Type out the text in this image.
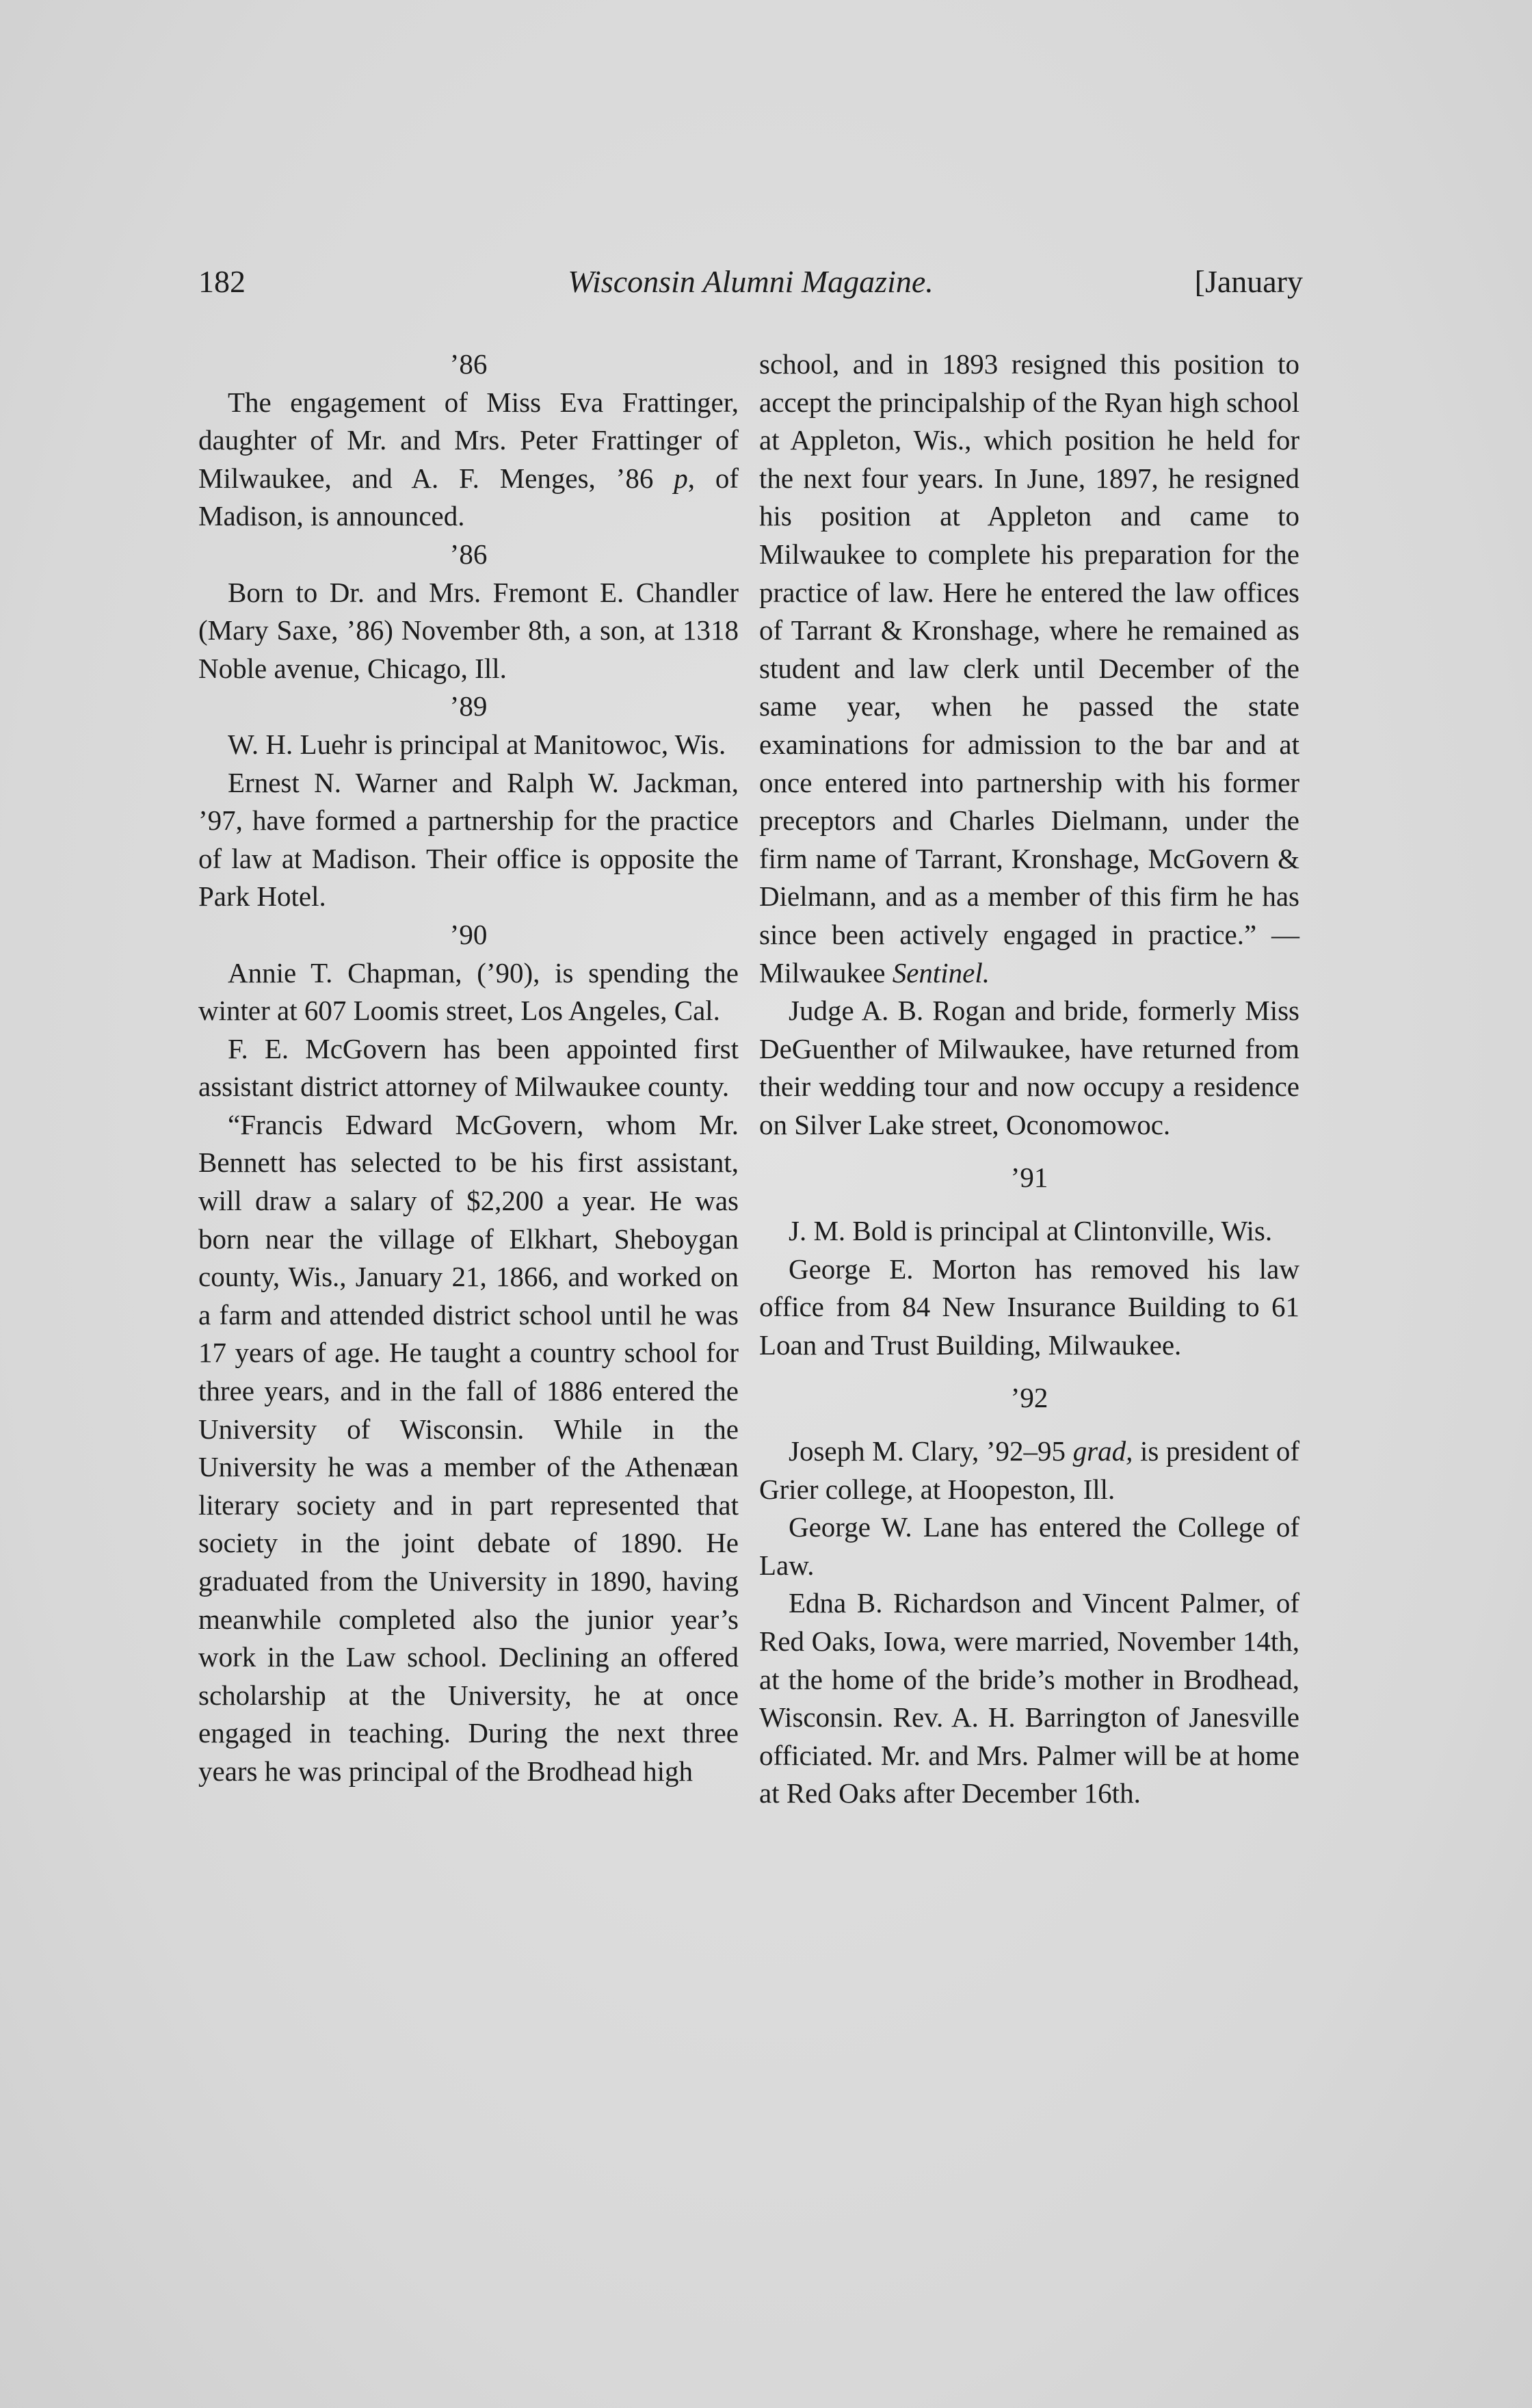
182	Wisconsin Alumni Magazine.	[January

’86

The engagement of Miss Eva Frattinger, daughter of Mr. and Mrs. Peter Frattinger of Milwaukee, and A. F. Menges, ’86 p, of Madison, is announced.

’86

Born to Dr. and Mrs. Fremont E. Chandler (Mary Saxe, ’86) November 8th, a son, at 1318 Noble avenue, Chicago, Ill.

’89

W. H. Luehr is principal at Manitowoc, Wis.

Ernest N. Warner and Ralph W. Jackman, ’97, have formed a partnership for the practice of law at Madison. Their office is opposite the Park Hotel.

’90

Annie T. Chapman, (’90), is spending the winter at 607 Loomis street, Los Angeles, Cal.

F. E. McGovern has been appointed first assistant district attorney of Milwaukee county.

“Francis Edward McGovern, whom Mr. Bennett has selected to be his first assistant, will draw a salary of $2,200 a year. He was born near the village of Elkhart, Sheboygan county, Wis., January 21, 1866, and worked on a farm and attended district school until he was 17 years of age. He taught a country school for three years, and in the fall of 1886 entered the University of Wisconsin. While in the University he was a member of the Athenæan literary society and in part represented that society in the joint debate of 1890. He graduated from the University in 1890, having meanwhile completed also the junior year’s work in the Law school. Declining an offered scholarship at the University, he at once engaged in teaching. During the next three years he was principal of the Brodhead high

school, and in 1893 resigned this position to accept the principalship of the Ryan high school at Appleton, Wis., which position he held for the next four years. In June, 1897, he resigned his position at Appleton and came to Milwaukee to complete his preparation for the practice of law. Here he entered the law offices of Tarrant & Kronshage, where he remained as student and law clerk until December of the same year, when he passed the state examinations for admission to the bar and at once entered into partnership with his former preceptors and Charles Dielmann, under the firm name of Tarrant, Kronshage, McGovern & Dielmann, and as a member of this firm he has since been actively engaged in practice.” — Milwaukee Sentinel.

Judge A. B. Rogan and bride, formerly Miss DeGuenther of Milwaukee, have returned from their wedding tour and now occupy a residence on Silver Lake street, Oconomowoc.

’91

J. M. Bold is principal at Clintonville, Wis.

George E. Morton has removed his law office from 84 New Insurance Building to 61 Loan and Trust Building, Milwaukee.

’92

Joseph M. Clary, ’92–95 grad, is president of Grier college, at Hoopeston, Ill.

George W. Lane has entered the College of Law.

Edna B. Richardson and Vincent Palmer, of Red Oaks, Iowa, were married, November 14th, at the home of the bride’s mother in Brodhead, Wisconsin. Rev. A. H. Barrington of Janesville officiated. Mr. and Mrs. Palmer will be at home at Red Oaks after December 16th.
